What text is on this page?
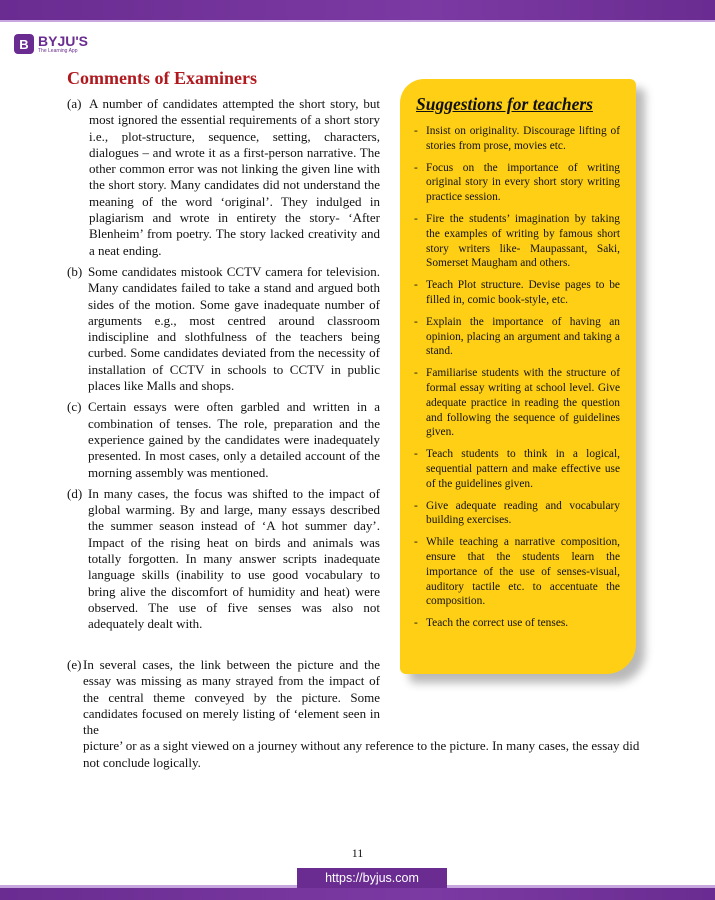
B BYJU'S
The Learning App
Comments of Examiners
(a) A number of candidates attempted the short story, but most ignored the essential requirements of a short story i.e., plot-structure, sequence, setting, characters, dialogues – and wrote it as a first-person narrative. The other common error was not linking the given line with the short story. Many candidates did not understand the meaning of the word ‘original’. They indulged in plagiarism and wrote in entirety the story- ‘After Blenheim’ from poetry. The story lacked creativity and a neat ending.
(b) Some candidates mistook CCTV camera for television. Many candidates failed to take a stand and argued both sides of the motion. Some gave inadequate number of arguments e.g., most centred around classroom indiscipline and slothfulness of the teachers being curbed. Some candidates deviated from the necessity of installation of CCTV in schools to CCTV in public places like Malls and shops.
(c) Certain essays were often garbled and written in a combination of tenses. The role, preparation and the experience gained by the candidates were inadequately presented. In most cases, only a detailed account of the morning assembly was mentioned.
(d) In many cases, the focus was shifted to the impact of global warming. By and large, many essays described the summer season instead of ‘A hot summer day’. Impact of the rising heat on birds and animals was totally forgotten. In many answer scripts inadequate language skills (inability to use good vocabulary to bring alive the discomfort of humidity and heat) were observed. The use of five senses was also not adequately dealt with.
(e) In several cases, the link between the picture and the essay was missing as many strayed from the impact of the central theme conveyed by the picture. Some candidates focused on merely listing of ‘element seen in the
picture’ or as a sight viewed on a journey without any reference to the picture. In many cases, the essay did not conclude logically.
Suggestions for teachers
- Insist on originality. Discourage lifting of stories from prose, movies etc.
- Focus on the importance of writing original story in every short story writing practice session.
- Fire the students’ imagination by taking the examples of writing by famous short story writers like- Maupassant, Saki, Somerset Maugham and others.
- Teach Plot structure. Devise pages to be filled in, comic book-style, etc.
- Explain the importance of having an opinion, placing an argument and taking a stand.
- Familiarise students with the structure of formal essay writing at school level. Give adequate practice in reading the question and following the sequence of guidelines given.
- Teach students to think in a logical, sequential pattern and make effective use of the guidelines given.
- Give adequate reading and vocabulary building exercises.
- While teaching a narrative composition, ensure that the students learn the importance of the use of senses-visual, auditory tactile etc. to accentuate the composition.
- Teach the correct use of tenses.
11
https://byjus.com
